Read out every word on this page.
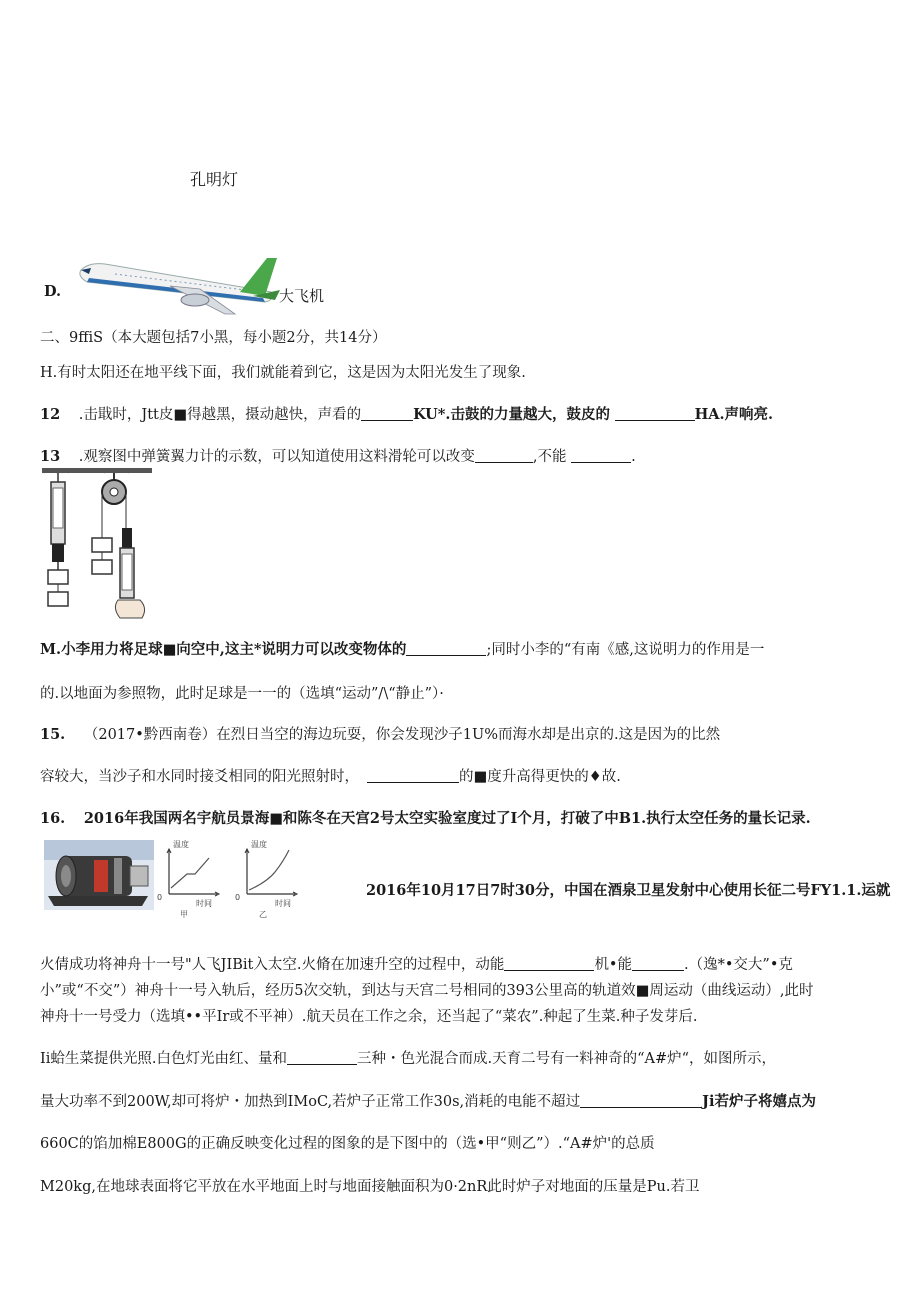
孔明灯
D.	大飞机
二、9ffiS（本大题包括7小黑，每小题2分，共14分）
H.有时太阳还在地平线下面，我们就能着到它，这是因为太阳光发生了现象.
12 .击戢时，Jtt皮■得越黑，摄动越快，声看的	KU*.击鼓的力量越大，鼓皮的	HA.声响亮.
13 .观察图中弹簧翼力计的示数，可以知道使用这料滑轮可以改变	,不能	.
M.小李用力将足球■向空中,这主*说明力可以改变物体的	;同时小李的“有南《感,这说明力的作用是一
的.以地面为参照物，此时足球是一一的（选填“运动”/\“静止”）·
15. （2017•黔西南卷）在烈日当空的海边玩耍，你会发现沙子1U%而海水却是出京的.这是因为的比然
容较大，当沙子和水同时接爻相同的阳光照射时，	的■度升高得更快的♦故.
16. 2016年我国两名宇航员景海■和陈冬在天宫2号太空实验室度过了I个月，打破了中B1.执行太空任务的量长记录.
温度	温度
0	0
时间	时间
甲	乙
2016年10月17日7时30分，中国在酒泉卫星发射中心使用长征二号FY1.1.运就
火倩成功将神舟十一号"人飞JIBit入太空.火脩在加速升空的过程中，动能	机•能	.（逸*•交大”•克
小”或“不交”）神舟十一号入轨后，经历5次交轨，到达与天宫二号相同的393公里高的轨道效■周运动（曲线运动）,此时
神舟十一号受力（选填••平Ir或不平神）.航天员在工作之余，还当起了“菜农”.种起了生菜.种子发芽后.
Ii蛤生菜提供光照.白色灯光由红、量和	三种・色光混合而成.天育二号有一料神奇的“A#炉“，如图所示，
量大功率不到200W,却可将炉・加热到IMoC,若炉子正常工作30s,消耗的电能不超过	Ji若炉子将嬉点为
660C的馅加棉E800G的正确反映变化过程的图象的是下图中的（选•甲“则乙”）.“A#炉'的总质
M20kg,在地球表面将它平放在水平地面上时与地面接触面积为0·2nR此时炉子对地面的压量是Pu.若卫
